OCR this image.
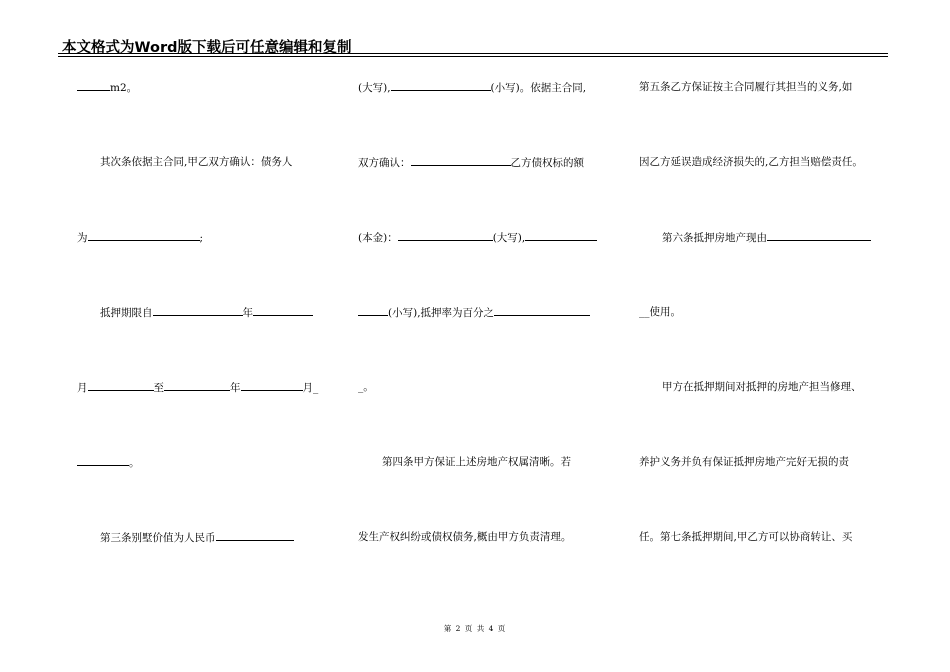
本文格式为Word版下载后可任意编辑和复制
m2。
其次条依据主合同,甲乙双方确认：债务人
为	;
抵押期限自	年
月	至	年	月_
。
第三条别墅价值为人民币
(大写),	(小写)。依据主合同,
双方确认：	乙方债权标的额
(本金)：	(大写),
(小写),抵押率为百分之
_。
第四条甲方保证上述房地产权属清晰。若
发生产权纠纷或债权债务,概由甲方负责清理。
第五条乙方保证按主合同履行其担当的义务,如
因乙方延误造成经济损失的,乙方担当赔偿责任。
第六条抵押房地产现由
__使用。
甲方在抵押期间对抵押的房地产担当修理、
养护义务并负有保证抵押房地产完好无损的责
任。第七条抵押期间,甲乙方可以协商转让、买
第 2 页 共 4 页
